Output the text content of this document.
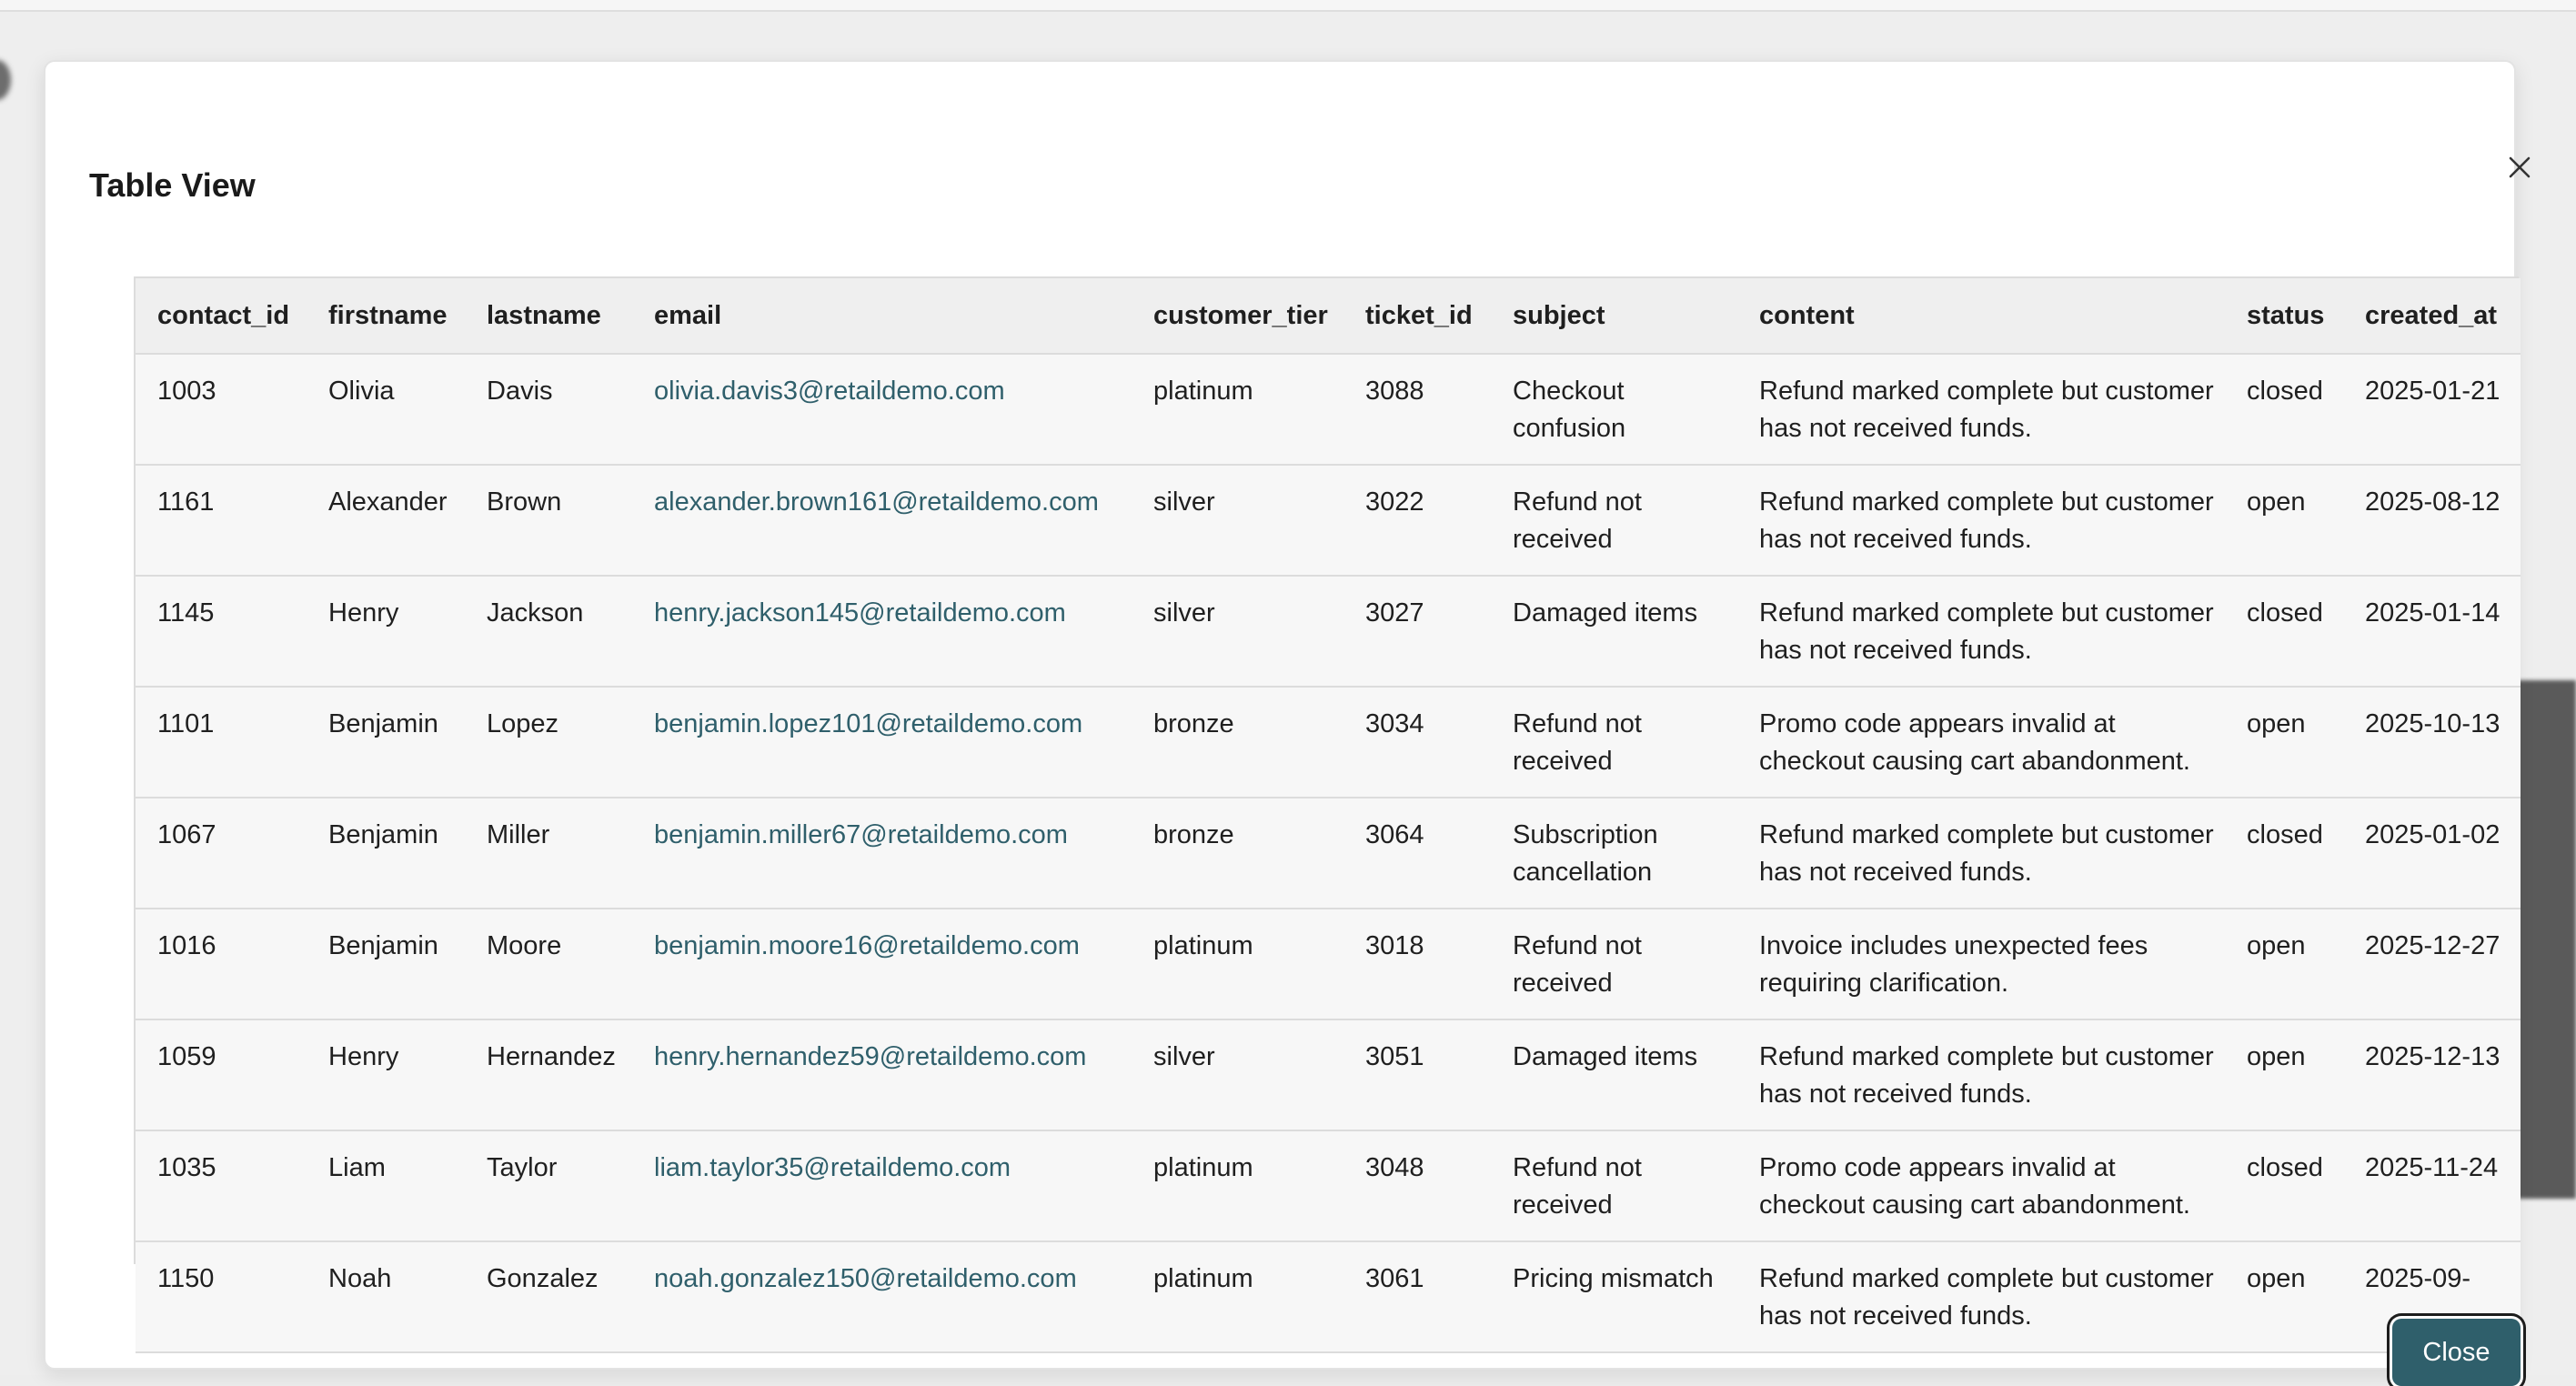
Table View
contact_id	firstname	lastname	email	customer_tier	ticket_id	subject	content	status	created_at
1003	Olivia	Davis	olivia.davis3@retaildemo.com	platinum	3088	Checkout confusion	Refund marked complete but customer has not received funds.	closed	2025-01-21
1161	Alexander	Brown	alexander.brown161@retaildemo.com	silver	3022	Refund not received	Refund marked complete but customer has not received funds.	open	2025-08-12
1145	Henry	Jackson	henry.jackson145@retaildemo.com	silver	3027	Damaged items	Refund marked complete but customer has not received funds.	closed	2025-01-14
1101	Benjamin	Lopez	benjamin.lopez101@retaildemo.com	bronze	3034	Refund not received	Promo code appears invalid at checkout causing cart abandonment.	open	2025-10-13
1067	Benjamin	Miller	benjamin.miller67@retaildemo.com	bronze	3064	Subscription cancellation	Refund marked complete but customer has not received funds.	closed	2025-01-02
1016	Benjamin	Moore	benjamin.moore16@retaildemo.com	platinum	3018	Refund not received	Invoice includes unexpected fees requiring clarification.	open	2025-12-27
1059	Henry	Hernandez	henry.hernandez59@retaildemo.com	silver	3051	Damaged items	Refund marked complete but customer has not received funds.	open	2025-12-13
1035	Liam	Taylor	liam.taylor35@retaildemo.com	platinum	3048	Refund not received	Promo code appears invalid at checkout causing cart abandonment.	closed	2025-11-24
1150	Noah	Gonzalez	noah.gonzalez150@retaildemo.com	platinum	3061	Pricing mismatch	Refund marked complete but customer has not received funds.	open	2025-09-
Close
